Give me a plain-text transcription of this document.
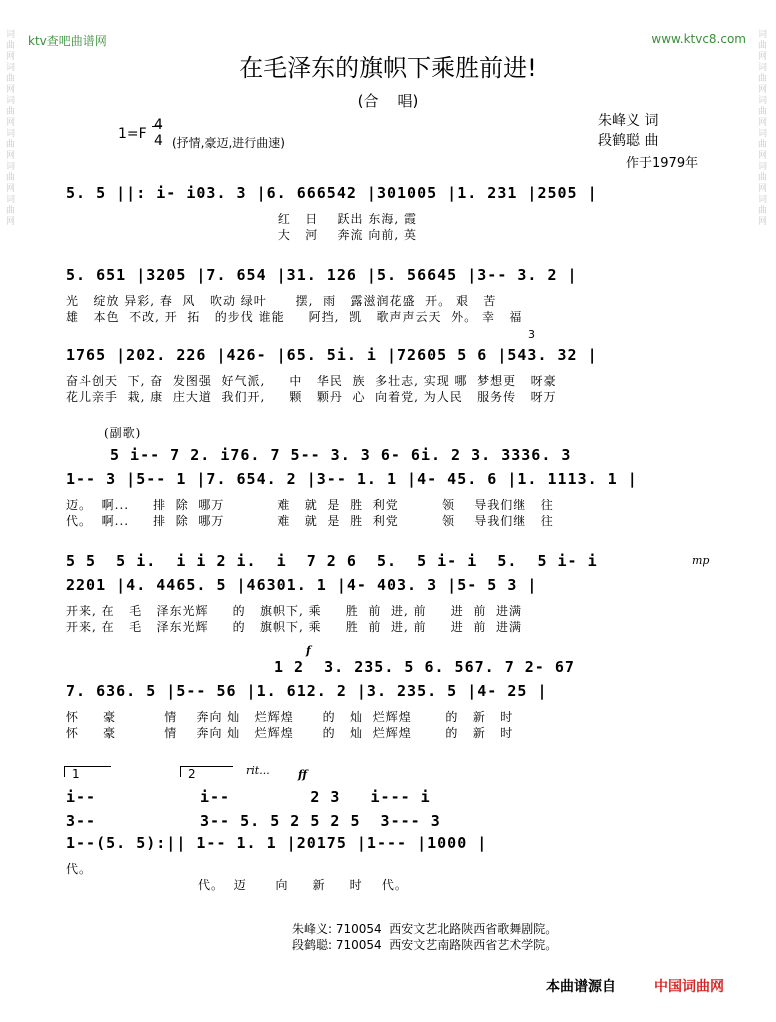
词曲网词曲网词曲网词曲网词曲网词曲网
词曲网词曲网词曲网词曲网词曲网词曲网
ktv查吧曲谱网	www.ktvc8.com
在毛泽东的旗帜下乘胜前进!
(合    唱)
朱峰义 词
段鹤聪 曲
作于1979年
1=F
4
4 (抒情,豪迈,进行曲速)
5. 5 ||: i- i03. 3 |6. 666542 |301005 |1. 231 |2505 |
红   日    跃出 东海, 霞
大   河    奔流 向前, 英
5. 651 |3205 |7. 654 |31. 126 |5. 56645 |3-- 3. 2 |
光   绽放 异彩, 春  风   吹动 绿叶      摆,  雨   露滋润花盛  开。 艰   苦
雄   本色  不改, 开  拓   的步伐 谁能     阿挡,  凯   歌声声云天  外。 幸   福
3
1765 |202. 226 |426- |65. 5i. i |72605 5 6 |543. 32 |
奋斗创天  下, 奋  发图强  好气派,     中   华民  族  多壮志, 实现 哪  梦想更   呀豪
花儿亲手  栽, 康  庄大道  我们开,     颗   颗丹  心  向着党, 为人民   服务传   呀万
(副歌)
5 i-- 7 2. i76. 7 5-- 3. 3 6- 6i. 2 3. 3336. 3
1-- 3 |5-- 1 |7. 654. 2 |3-- 1. 1 |4- 45. 6 |1. 1113. 1 |
迈。  啊...     排  除  哪万           难   就  是  胜  利党         领    导我们继   往
代。  啊...     排  除  哪万           难   就  是  胜  利党         领    导我们继   往
5 5  5 i.  i i 2 i.  i  7 2 6  5.  5 i- i  5.  5 i- i	mp
2201 |4. 4465. 5 |46301. 1 |4- 403. 3 |5- 5 3 |
开来, 在   毛   泽东光辉     的   旗帜下, 乘     胜  前  进, 前     进  前  进满
开来, 在   毛   泽东光辉     的   旗帜下, 乘     胜  前  进, 前     进  前  进满
f
1 2  3. 235. 5 6. 567. 7 2- 67
7. 636. 5 |5-- 56 |1. 612. 2 |3. 235. 5 |4- 25 |
怀     豪          情    奔向 灿   烂辉煌      的   灿  烂辉煌       的   新   时
怀     豪          情    奔向 灿   烂辉煌      的   灿  烂辉煌       的   新   时
1	2	rit...	ff
i--
3--
i--        2 3   i--- i
3-- 5. 5 2 5 2 5  3--- 3
1--(5. 5):|| 1-- 1. 1 |20175 |1--- |1000 |
代。
代。  迈      向     新     时    代。
朱峰义: 710054  西安文艺北路陕西省歌舞剧院。
段鹤聪: 710054  西安文艺南路陕西省艺术学院。
本曲谱源自	中国词曲网
